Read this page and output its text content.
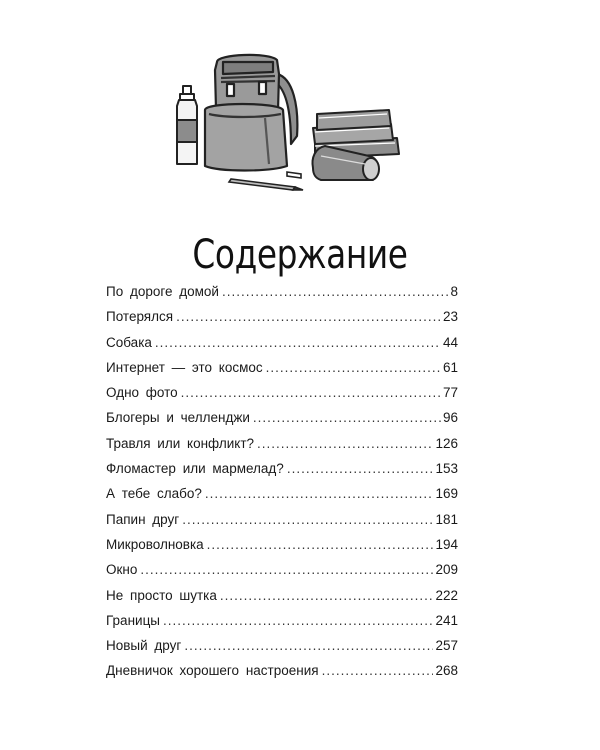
Содержание
По дороге домой .....	8
Потерялся .....	23
Собака .....	44
Интернет — это космос .....	61
Одно фото .....	77
Блогеры и челленджи .....	96
Травля или конфликт? .....	126
Фломастер или мармелад? .....	153
А тебе слабо? .....	169
Папин друг .....	181
Микроволновка .....	194
Окно .....	209
Не просто шутка .....	222
Границы .....	241
Новый друг .....	257
Дневничок хорошего настроения .....	268
